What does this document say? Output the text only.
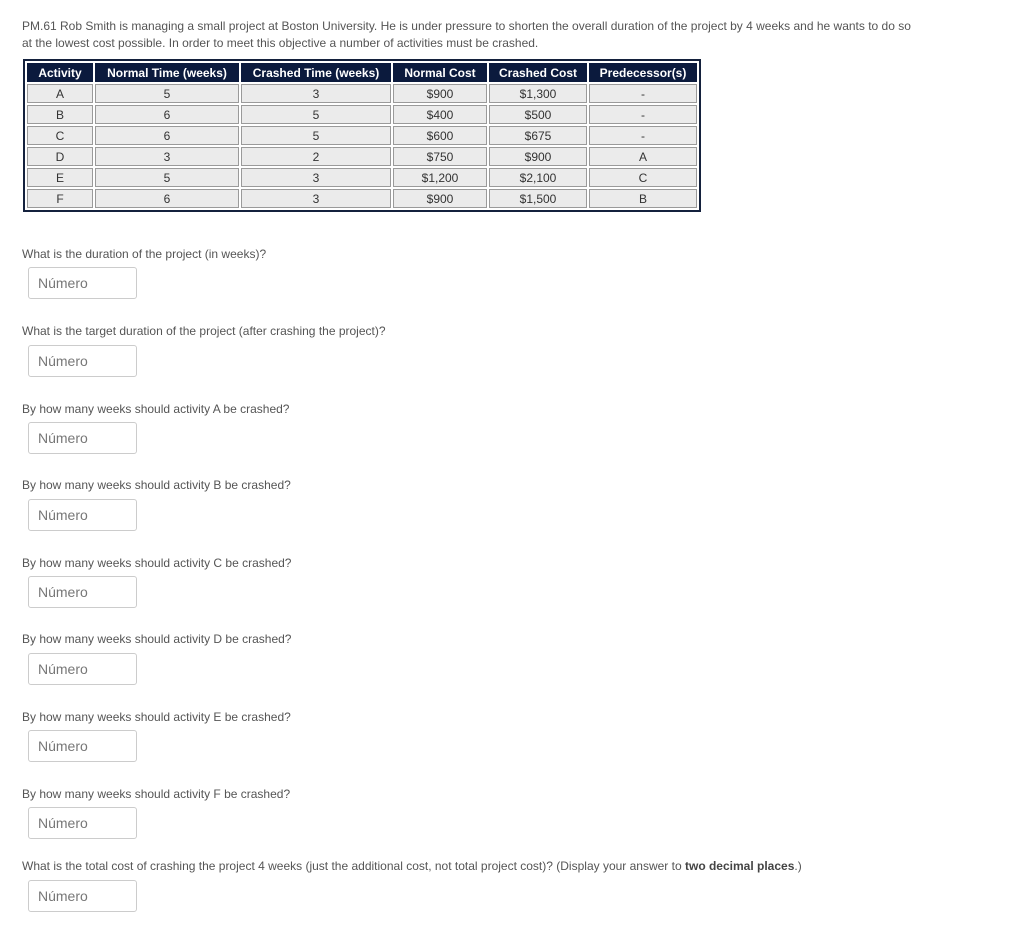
PM.61 Rob Smith is managing a small project at Boston University. He is under pressure to shorten the overall duration of the project by 4 weeks and he wants to do so at the lowest cost possible. In order to meet this objective a number of activities must be crashed.
Activity	Normal Time (weeks)	Crashed Time (weeks)	Normal Cost	Crashed Cost	Predecessor(s)
A	5	3	$900	$1,300	-
B	6	5	$400	$500	-
C	6	5	$600	$675	-
D	3	2	$750	$900	A
E	5	3	$1,200	$2,100	C
F	6	3	$900	$1,500	B
What is the duration of the project (in weeks)?
Número
What is the target duration of the project (after crashing the project)?
Número
By how many weeks should activity A be crashed?
Número
By how many weeks should activity B be crashed?
Número
By how many weeks should activity C be crashed?
Número
By how many weeks should activity D be crashed?
Número
By how many weeks should activity E be crashed?
Número
By how many weeks should activity F be crashed?
Número
What is the total cost of crashing the project 4 weeks (just the additional cost, not total project cost)? (Display your answer to two decimal places.)
Número
